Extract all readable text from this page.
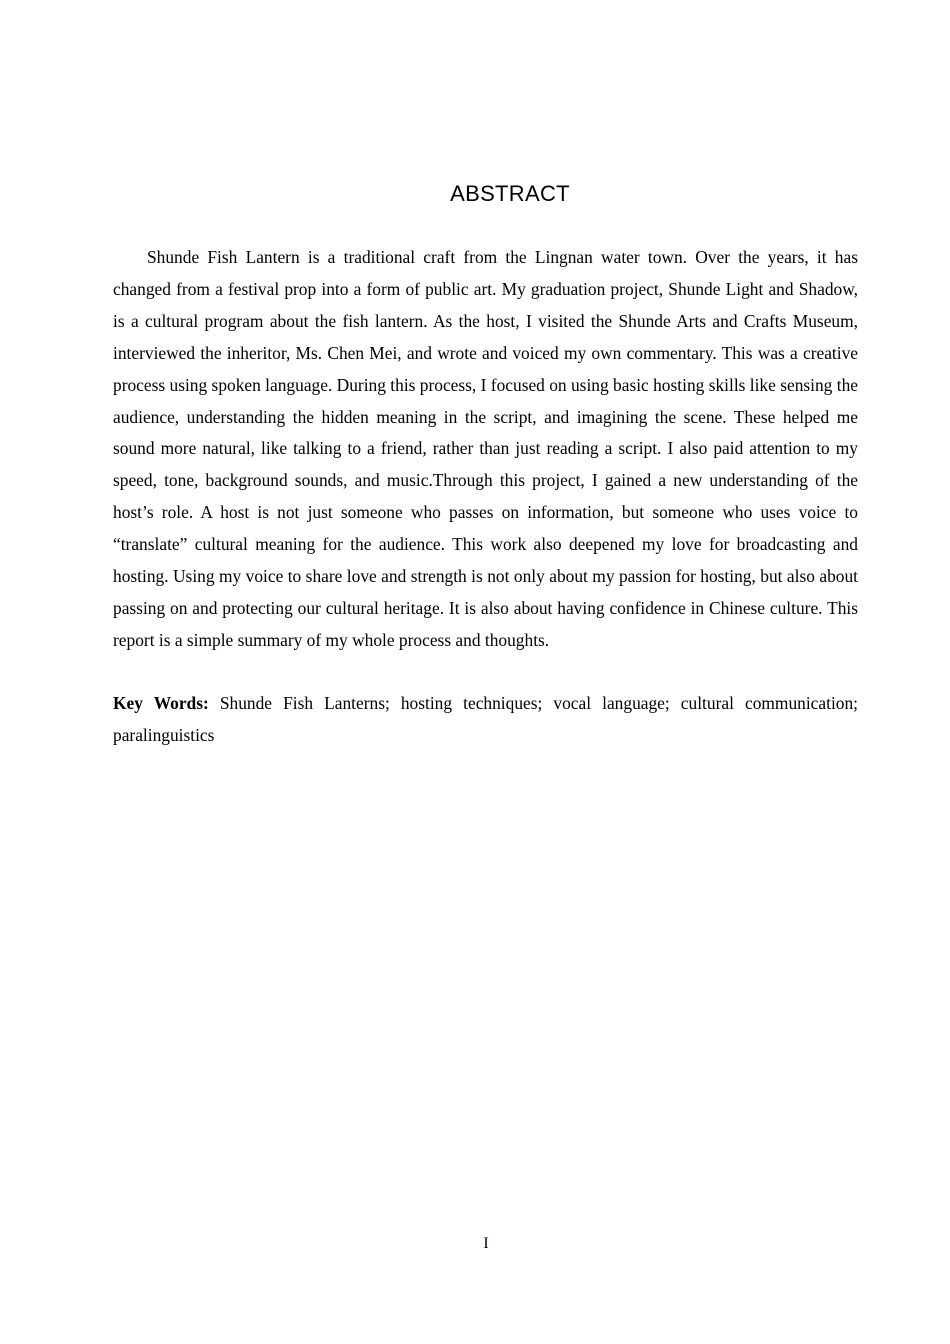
ABSTRACT

Shunde Fish Lantern is a traditional craft from the Lingnan water town. Over the years, it has changed from a festival prop into a form of public art. My graduation project, Shunde Light and Shadow, is a cultural program about the fish lantern. As the host, I visited the Shunde Arts and Crafts Museum, interviewed the inheritor, Ms. Chen Mei, and wrote and voiced my own commentary. This was a creative process using spoken language. During this process, I focused on using basic hosting skills like sensing the audience, understanding the hidden meaning in the script, and imagining the scene. These helped me sound more natural, like talking to a friend, rather than just reading a script. I also paid attention to my speed, tone, background sounds, and music.Through this project, I gained a new understanding of the host’s role. A host is not just someone who passes on information, but someone who uses voice to “translate” cultural meaning for the audience. This work also deepened my love for broadcasting and hosting. Using my voice to share love and strength is not only about my passion for hosting, but also about passing on and protecting our cultural heritage. It is also about having confidence in Chinese culture. This report is a simple summary of my whole process and thoughts.

Key Words: Shunde Fish Lanterns; hosting techniques; vocal language; cultural communication; paralinguistics

I
